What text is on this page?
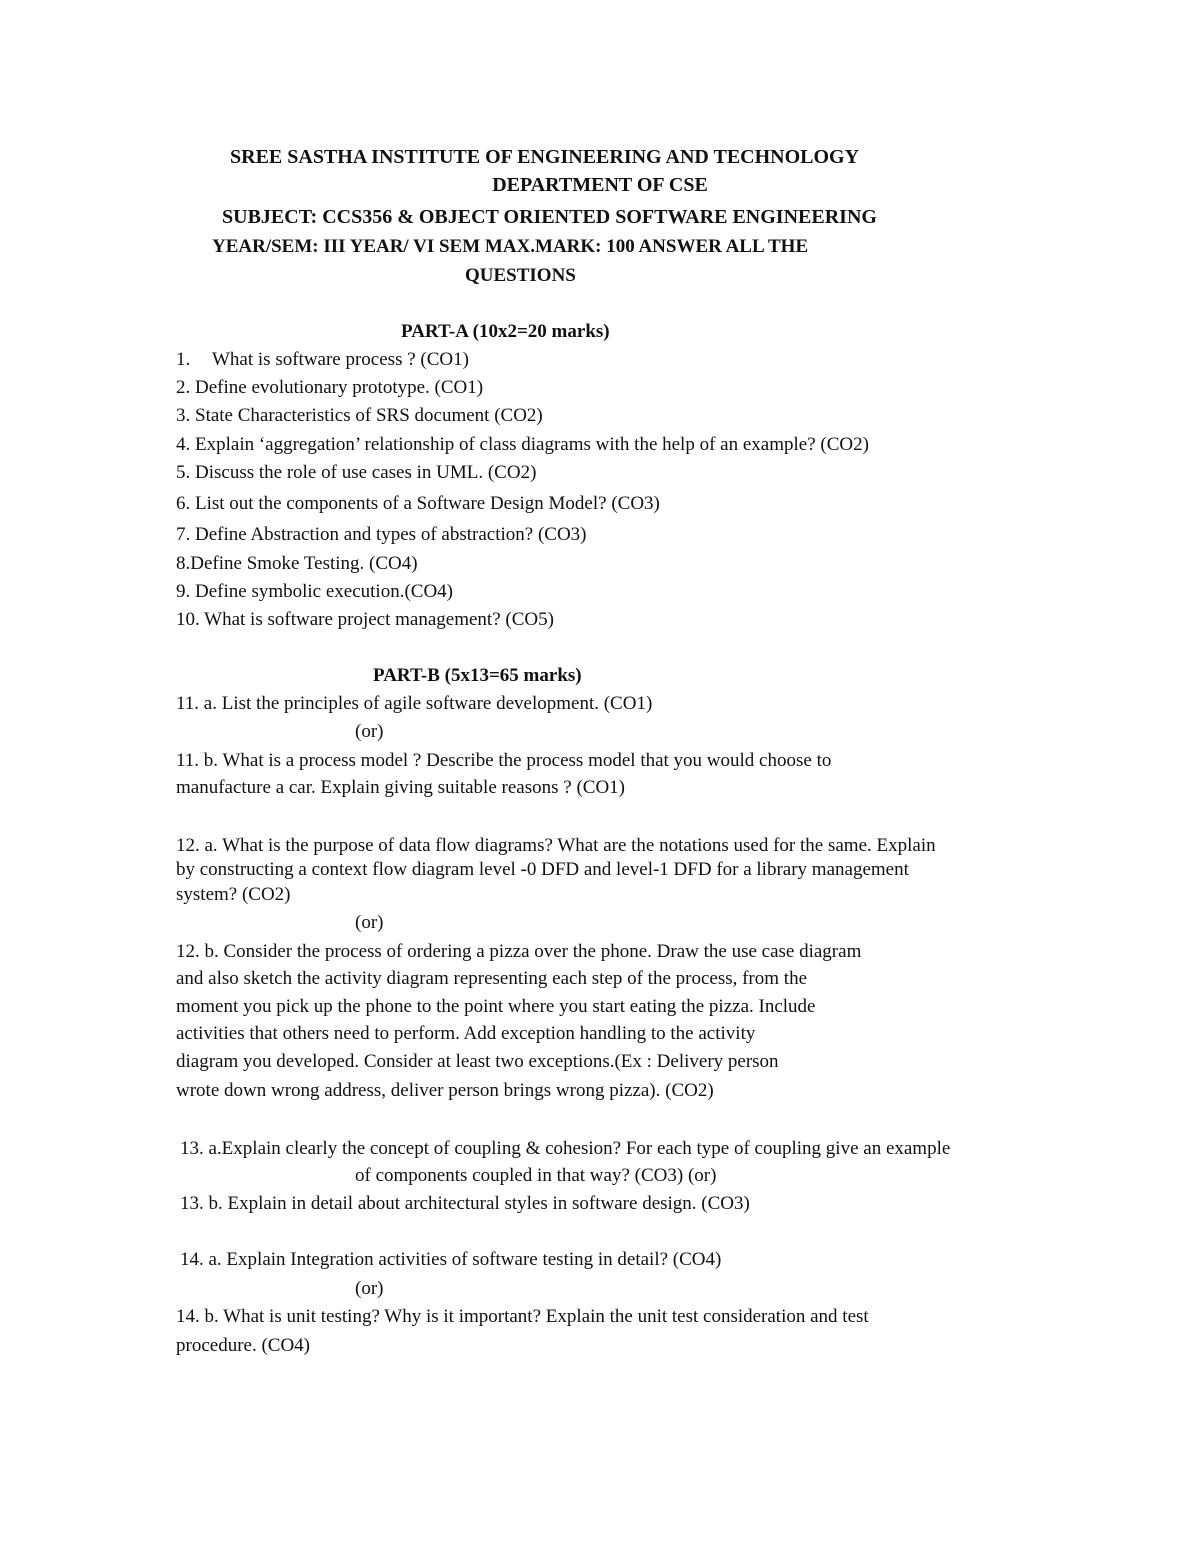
SREE SASTHA INSTITUTE OF ENGINEERING AND TECHNOLOGY
DEPARTMENT OF CSE
SUBJECT: CCS356 & OBJECT ORIENTED SOFTWARE ENGINEERING
YEAR/SEM: III YEAR/ VI SEM MAX.MARK: 100 ANSWER ALL THE
QUESTIONS
PART-A (10x2=20 marks)
1. What is software process ? (CO1)
2. Define evolutionary prototype. (CO1)
3. State Characteristics of SRS document (CO2)
4. Explain ‘aggregation’ relationship of class diagrams with the help of an example? (CO2)
5. Discuss the role of use cases in UML. (CO2)
6. List out the components of a Software Design Model? (CO3)
7. Define Abstraction and types of abstraction? (CO3)
8.Define Smoke Testing. (CO4)
9. Define symbolic execution.(CO4)
10. What is software project management? (CO5)
PART-B (5x13=65 marks)
11. a. List the principles of agile software development. (CO1)
(or)
11. b. What is a process model ? Describe the process model that you would choose to
manufacture a car. Explain giving suitable reasons ? (CO1)
12. a. What is the purpose of data flow diagrams? What are the notations used for the same. Explain
by constructing a context flow diagram level -0 DFD and level-1 DFD for a library management
system? (CO2)
(or)
12. b. Consider the process of ordering a pizza over the phone. Draw the use case diagram
and also sketch the activity diagram representing each step of the process, from the
moment you pick up the phone to the point where you start eating the pizza. Include
activities that others need to perform. Add exception handling to the activity
diagram you developed. Consider at least two exceptions.(Ex : Delivery person
wrote down wrong address, deliver person brings wrong pizza). (CO2)
13. a.Explain clearly the concept of coupling & cohesion? For each type of coupling give an example
of components coupled in that way? (CO3) (or)
13. b. Explain in detail about architectural styles in software design. (CO3)
14. a. Explain Integration activities of software testing in detail? (CO4)
(or)
14. b. What is unit testing? Why is it important? Explain the unit test consideration and test
procedure. (CO4)
